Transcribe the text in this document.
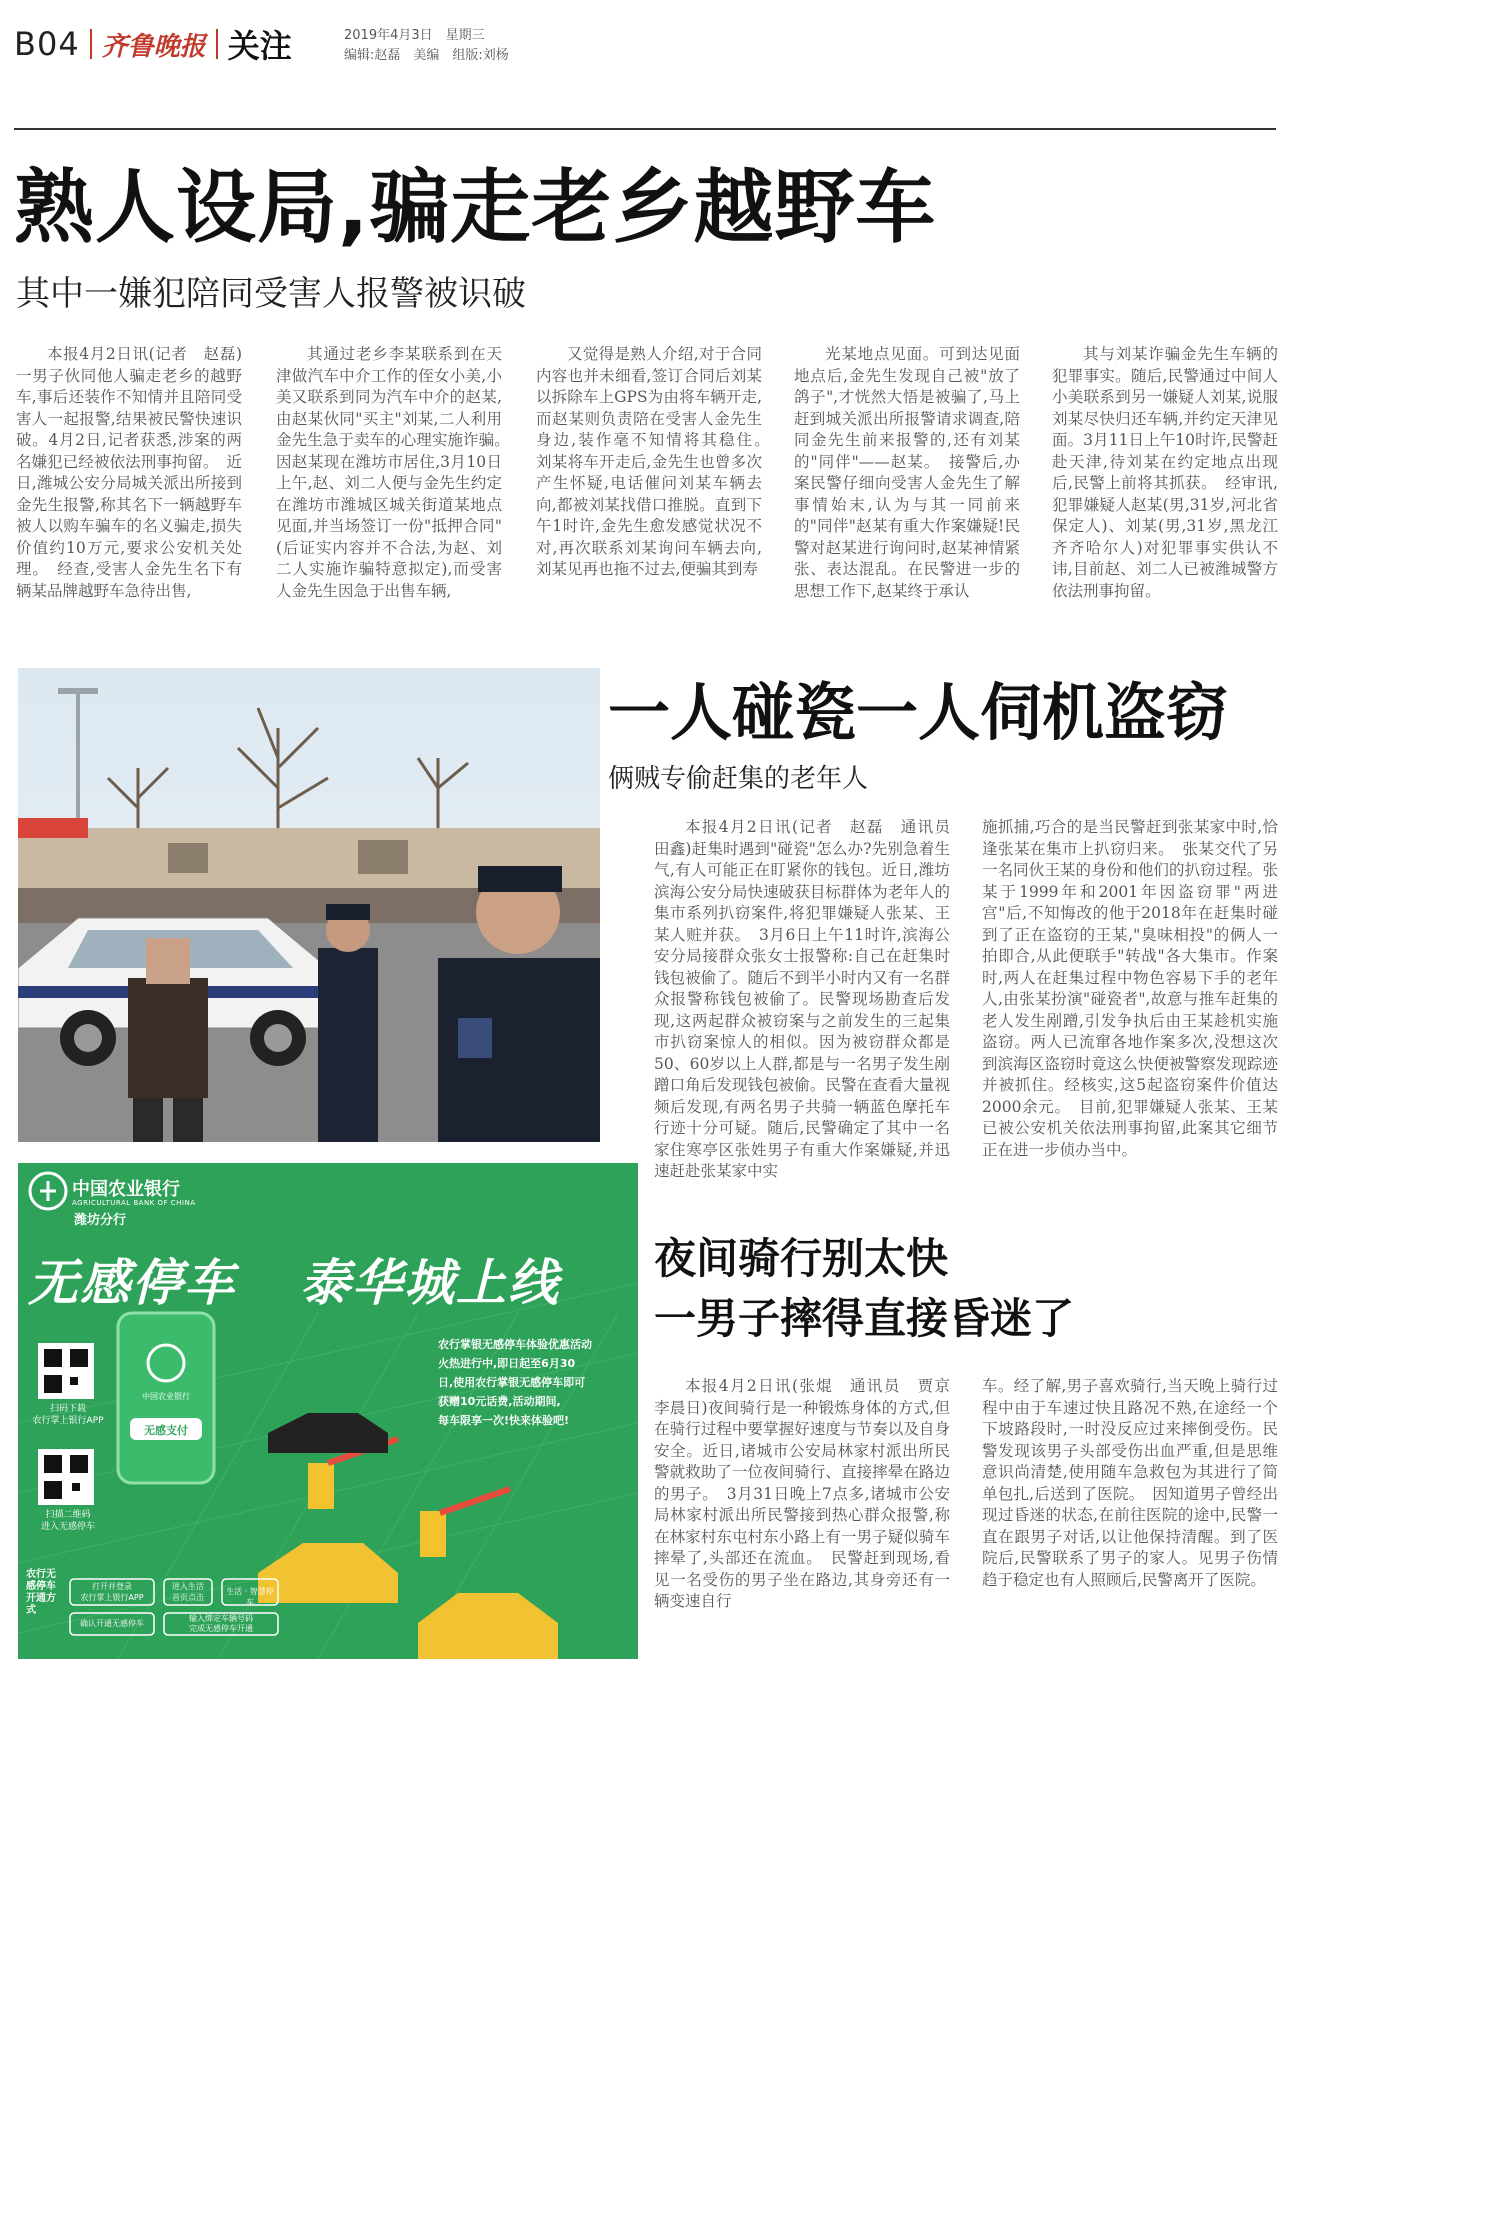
B04 齐鲁晚报 关注	2019年4月3日　星期三
编辑:赵磊　美编　组版:刘杨
熟人设局,骗走老乡越野车
其中一嫌犯陪同受害人报警被识破

本报4月2日讯(记者　赵磊)一男子伙同他人骗走老乡的越野车,事后还装作不知情并且陪同受害人一起报警,结果被民警快速识破。4月2日,记者获悉,涉案的两名嫌犯已经被依法刑事拘留。　近日,潍城公安分局城关派出所接到金先生报警,称其名下一辆越野车被人以购车骗车的名义骗走,损失价值约10万元,要求公安机关处理。　经查,受害人金先生名下有辆某品牌越野车急待出售,

其通过老乡李某联系到在天津做汽车中介工作的侄女小美,小美又联系到同为汽车中介的赵某,由赵某伙同"买主"刘某,二人利用金先生急于卖车的心理实施诈骗。　因赵某现在潍坊市居住,3月10日上午,赵、刘二人便与金先生约定在潍坊市潍城区城关街道某地点见面,并当场签订一份"抵押合同"(后证实内容并不合法,为赵、刘二人实施诈骗特意拟定),而受害人金先生因急于出售车辆,

又觉得是熟人介绍,对于合同内容也并未细看,签订合同后刘某以拆除车上GPS为由将车辆开走,而赵某则负责陪在受害人金先生身边,装作毫不知情将其稳住。　刘某将车开走后,金先生也曾多次产生怀疑,电话催问刘某车辆去向,都被刘某找借口推脱。直到下午1时许,金先生愈发感觉状况不对,再次联系刘某询问车辆去向,刘某见再也拖不过去,便骗其到寿

光某地点见面。可到达见面地点后,金先生发现自己被"放了鸽子",才恍然大悟是被骗了,马上赶到城关派出所报警请求调查,陪同金先生前来报警的,还有刘某的"同伴"——赵某。　接警后,办案民警仔细向受害人金先生了解事情始末,认为与其一同前来的"同伴"赵某有重大作案嫌疑!民警对赵某进行询问时,赵某神情紧张、表达混乱。在民警进一步的思想工作下,赵某终于承认

其与刘某诈骗金先生车辆的犯罪事实。随后,民警通过中间人小美联系到另一嫌疑人刘某,说服刘某尽快归还车辆,并约定天津见面。3月11日上午10时许,民警赶赴天津,待刘某在约定地点出现后,民警上前将其抓获。　经审讯,犯罪嫌疑人赵某(男,31岁,河北省保定人)、刘某(男,31岁,黑龙江齐齐哈尔人)对犯罪事实供认不讳,目前赵、刘二人已被潍城警方依法刑事拘留。

一人碰瓷一人伺机盗窃
俩贼专偷赶集的老年人

本报4月2日讯(记者　赵磊　通讯员　田鑫)赶集时遇到"碰瓷"怎么办?先别急着生气,有人可能正在盯紧你的钱包。近日,潍坊滨海公安分局快速破获目标群体为老年人的集市系列扒窃案件,将犯罪嫌疑人张某、王某人赃并获。　3月6日上午11时许,滨海公安分局接群众张女士报警称:自己在赶集时钱包被偷了。随后不到半小时内又有一名群众报警称钱包被偷了。民警现场勘查后发现,这两起群众被窃案与之前发生的三起集市扒窃案惊人的相似。因为被窃群众都是50、60岁以上人群,都是与一名男子发生剐蹭口角后发现钱包被偷。民警在查看大量视频后发现,有两名男子共骑一辆蓝色摩托车行迹十分可疑。随后,民警确定了其中一名家住寒亭区张姓男子有重大作案嫌疑,并迅速赶赴张某家中实

施抓捕,巧合的是当民警赶到张某家中时,恰逢张某在集市上扒窃归来。　张某交代了另一名同伙王某的身份和他们的扒窃过程。张某于1999年和2001年因盗窃罪"两进宫"后,不知悔改的他于2018年在赶集时碰到了正在盗窃的王某,"臭味相投"的俩人一拍即合,从此便联手"转战"各大集市。作案时,两人在赶集过程中物色容易下手的老年人,由张某扮演"碰瓷者",故意与推车赶集的老人发生剐蹭,引发争执后由王某趁机实施盗窃。两人已流窜各地作案多次,没想这次到滨海区盗窃时竟这么快便被警察发现踪迹并被抓住。经核实,这5起盗窃案件价值达2000余元。　目前,犯罪嫌疑人张某、王某已被公安机关依法刑事拘留,此案其它细节正在进一步侦办当中。

中国农业银行
AGRICULTURAL BANK OF CHINA
潍坊分行
无感停车 泰华城上线
农行掌银无感停车体验优惠活动
火热进行中,即日起至6月30
日,使用农行掌银无感停车即可
获赠10元话费,活动期间,
每车限享一次!快来体验吧!
扫码下载
农行掌上银行APP
扫描二维码
进入无感停车
农行无感停车开通方式
打开并登录
农行掌上银行APP
进入生活
首页点击
生活 · 智慧停车
输入绑定车辆号码
完成无感停车开通
确认开通无感停车
中国农业银行
无感支付
夜间骑行别太快
一男子摔得直接昏迷了

本报4月2日讯(张焜　通讯员　贾京　李晨日)夜间骑行是一种锻炼身体的方式,但在骑行过程中要掌握好速度与节奏以及自身安全。近日,诸城市公安局林家村派出所民警就救助了一位夜间骑行、直接摔晕在路边的男子。　3月31日晚上7点多,诸城市公安局林家村派出所民警接到热心群众报警,称在林家村东屯村东小路上有一男子疑似骑车摔晕了,头部还在流血。　民警赶到现场,看见一名受伤的男子坐在路边,其身旁还有一辆变速自行

车。经了解,男子喜欢骑行,当天晚上骑行过程中由于车速过快且路况不熟,在途经一个下坡路段时,一时没反应过来摔倒受伤。民警发现该男子头部受伤出血严重,但是思维意识尚清楚,使用随车急救包为其进行了简单包扎,后送到了医院。　因知道男子曾经出现过昏迷的状态,在前往医院的途中,民警一直在跟男子对话,以让他保持清醒。到了医院后,民警联系了男子的家人。见男子伤情趋于稳定也有人照顾后,民警离开了医院。
